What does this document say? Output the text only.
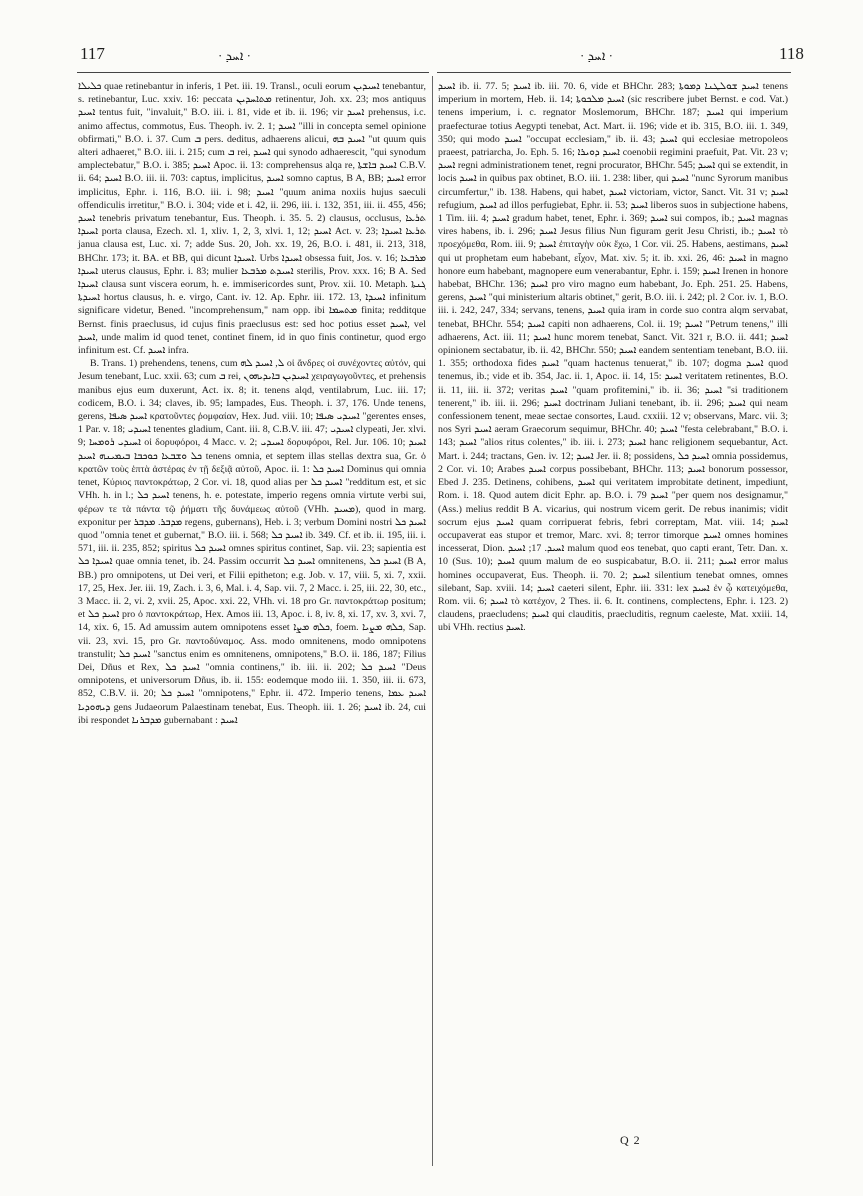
117	· ܐܚܕ ·	· ܐܚܕ ·	118

ܟܠܝܠܐ quae retinebantur in inferis, 1 Pet. iii. 19. Transl., oculi eorum ܐܚܝܕܝܢ tenebantur, s. retinebantur, Luc. xxiv. 16: peccata ܡܬܐܚܕܝܢ retinentur, Joh. xx. 23; mos antiquus ܐܚܝܕ tentus fuit, "invaluit," B.O. iii. i. 81, vide et ib. ii. 196; vir ܐܚܝܕ prehensus, i.c. animo affectus, commotus, Eus. Theoph. iv. 2. 1; ܐܚܝܕ "illi in concepta semel opinione obfirmati," B.O. i. 37. Cum ܒ pers. deditus, adhaerens alicui, ܐܚܝܕ ܒܗ "ut quum quis alteri adhaeret," B.O. iii. i. 215; cum ܒ rei, ܐܚܝܕ qui synodo adhaerescit, "qui synodum amplectebatur," B.O. i. 385; ܐܚܝܕ Apoc. ii. 13: comprehensus alqa re, ܐܚܝܕ ܒܐܫܬܐ C.B.V. ii. 64; ܐܚܝܕ B.O. iii. ii. 703: captus, implicitus, ܐܚܝܕ somno captus, B A, BB; ܐܚܝܕ error implicitus, Ephr. i. 116, B.O. iii. i. 98; ܐܚܝܕ "quum anima noxiis hujus saeculi offendiculis irretitur," B.O. i. 304; vide et i. 42, ii. 296, iii. i. 132, 351, iii. ii. 455, 456; ܐܚܝܕ tenebris privatum tenebantur, Eus. Theoph. i. 35. 5. 2) clausus, occlusus, ܬܪܥܐ ܐܚܝܕܐ porta clausa, Ezech. xl. 1, xliv. 1, 2, 3, xlvi. 1, 12; ܐܚܝܕ Act. v. 23; ܬܪܥܐ ܐܚܝܕܐ janua clausa est, Luc. xi. 7; adde Sus. 20, Joh. xx. 19, 26, B.O. i. 481, ii. 213, 318, BHChr. 173; it. BA. et BB, qui dicunt ܐܚܝܕܐ. Urbs ܐܚܝܕܐ obsessa fuit, Jos. v. 16; ܡܪܒܥܐ ܐܚܝܕܐ uterus clausus, Ephr. i. 83; mulier ܐܚܝܕܬ ܡܪܒܥܐ sterilis, Prov. xxx. 16; B A. Sed ܐܚܝܕܐ clausa sunt viscera eorum, h. e. immisericordes sunt, Prov. xii. 10. Metaph. ܓܢܬܐ ܐܚܝܕܬܐ hortus clausus, h. e. virgo, Cant. iv. 12. Ap. Ephr. iii. 172. 13, ܐܚܝܕܐ infinitum significare videtur, Bened. "incomprehensum," nam opp. ibi ܡܬܚܡܐ finita; redditque Bernst. finis praeclusus, id cujus finis praeclusus est: sed hoc potius esset ܐܚܝܕ, vel ܐܚܝܕ, unde malim id quod tenet, continet finem, id in quo finis continetur, quod ergo infinitum est. Cf. ܐܚܝܕ infra.

B. Trans. 1) prehendens, tenens, cum ܠ, ܐܚܝܕ ܠܗ οἱ ἄνδρες οἱ συνέχοντες αὐτόν, qui Jesum tenebant, Luc. xxii. 63; cum ܒ rei, ܐܚܝܕܝܢ ܒܐܝܕܝܗܘܢ χειραγωγοῦντες, et prehensis manibus ejus eum duxerunt, Act. ix. 8; it. tenens alqd, ventilabrum, Luc. iii. 17; codicem, B.O. i. 34; claves, ib. 95; lampades, Eus. Theoph. i. 37, 176. Unde tenens, gerens, ܐܚܝܕ ܣܝܦܐ κρατοῦντες ῥομφαίαν, Hex. Jud. viii. 10; ܐܚܝܕܝ ܣܝܦܐ "gerentes enses, 1 Par. v. 18; ܐܚܝܕܝ tenentes gladium, Cant. iii. 8, C.B.V. iii. 47; ܐܚܝܕܝ clypeati, Jer. xlvi. 9; ܐܚܝܕܝ ܪܘܡܚܐ οἱ δορυφόροι, 4 Macc. v. 2; ܐܚܝܕܝ δορυφόροι, Rel. Jur. 106. 10; ܐܚܝܕ ܟܠ ܘܫܒܥܐ ܟܘܟܒܐ ܒܝܡܝܢܗ ܐܚܝܕ tenens omnia, et septem illas stellas dextra sua, Gr. ὁ κρατῶν τοὺς ἑπτὰ ἀστέρας ἐν τῇ δεξιᾷ αὐτοῦ, Apoc. ii. 1: ܐܚܝܕ ܟܠ Dominus qui omnia tenet, Κύριος παντοκράτωρ, 2 Cor. vi. 18, quod alias per ܐܚܝܕ ܟܠ "redditum est, et sic VHh. h. in l.; ܐܚܝܕ ܟܠ tenens, h. e. potestate, imperio regens omnia virtute verbi sui, φέρων τε τὰ πάντα τῷ ῥήματι τῆς δυνάμεως αὐτοῦ (VHh. ܡܚܝܕ), quod in marg. exponitur per ܡܕܒܪ. ܡܕܒܪ regens, gubernans), Heb. i. 3; verbum Domini nostri ܐܚܝܕ ܟܠ quod "omnia tenet et gubernat," B.O. iii. i. 568; ܐܚܝܕ ܟܠ ib. 349. Cf. et ib. ii. 195, iii. i. 571, iii. ii. 235, 852; spiritus ܐܚܝܕ ܟܠ omnes spiritus continet, Sap. vii. 23; sapientia est ܐܚܝܕܐ ܟܠ quae omnia tenet, ib. 24. Passim occurrit ܐܚܝܕ ܟܠ omnitenens, ܐܚܝܕ ܟܠ (B A, BB.) pro omnipotens, ut Dei veri, et Filii epitheton; e.g. Job. v. 17, viii. 5, xi. 7, xxii. 17, 25, Hex. Jer. iii. 19, Zach. i. 3, 6, Mal. i. 4, Sap. vii. 7, 2 Macc. i. 25, iii. 22, 30, etc., 3 Macc. ii. 2, vi. 2, xvii. 25, Apoc. xxi. 22, VHh. vi. 18 pro Gr. παντοκράτωρ positum; et ܐܚܝܕ ܟܠ pro ὁ παντοκράτωρ, Hex. Amos iii. 13, Apoc. i. 8, iv. 8, xi. 17, xv. 3, xvi. 7, 14, xix. 6, 15. Ad amussim autem omnipotens esset ܟܠܗ ܡܨܐ, foem. ܟܠܗ ܡܨܝܐ, Sap. vii. 23, xvi. 15, pro Gr. παντοδύναμος. Ass. modo omnitenens, modo omnipotens transtulit; ܐܚܝܕ ܟܠ "sanctus enim es omnitenens, omnipotens," B.O. ii. 186, 187; Filius Dei, Dñus et Rex, ܐܚܝܕ ܟܠ "omnia continens," ib. iii. ii. 202; ܐܚܝܕ ܟܠ "Deus omnipotens, et universorum Dñus, ib. ii. 155: eodemque modo iii. 1. 350, iii. ii. 673, 852, C.B.V. ii. 20; ܐܚܝܕ ܟܠ "omnipotens," Ephr. ii. 472. Imperio tenens, ܐܚܝܕ ܥܡܐ ܕܝܗܘܕܝܐ gens Judaeorum Palaestinam tenebat, Eus. Theoph. iii. 1. 26; ܐܚܝܕ ib. 24, cui ibi respondet ܡܕܒܪܢܐ gubernabant : ܐܚܝܕ

ܐܚܝܕ ib. ii. 77. 5; ܐܚܝܕ ib. iii. 70. 6, vide et BHChr. 283; ܐܚܝܕ ܫܘܠܛܢܐ ܕܡܘܬܐ tenens imperium in mortem, Heb. ii. 14; ܐܚܝܕ ܡܠܟܘܬܐ (sic rescribere jubet Bernst. e cod. Vat.) tenens imperium, i. c. regnator Moslemorum, BHChr. 187; ܐܚܝܕ qui imperium praefecturae totius Aegypti tenebat, Act. Mart. ii. 196; vide et ib. 315, B.O. iii. 1. 349, 350; qui modo ܐܚܝܕ "occupat ecclesiam," ib. ii. 43; ܐܚܝܕ qui ecclesiae metropoleos praeest, patriarcha, Jo. Eph. 5. 16; ܐܚܝܕ ܕܘܝܪܐ coenobii regimini praefuit, Pat. Vit. 23 v; ܐܚܝܕ regni administrationem tenet, regni procurator, BHChr. 545; ܐܚܝܕ qui se extendit, in locis ܐܚܝܕ in quibus pax obtinet, B.O. iii. 1. 238: liber, qui ܐܚܝܕ "nunc Syrorum manibus circumfertur," ib. 138. Habens, qui habet, ܐܚܝܕ victoriam, victor, Sanct. Vit. 31 v; ܐܚܝܕ refugium, ܐܚܝܕ ad illos perfugiebat, Ephr. ii. 53; ܐܚܝܕ liberos suos in subjectione habens, 1 Tim. iii. 4; ܐܚܝܕ gradum habet, tenet, Ephr. i. 369; ܐܚܝܕ sui compos, ib.; ܐܚܝܕ magnas vires habens, ib. i. 296; ܐܚܝܕ Jesus filius Nun figuram gerit Jesu Christi, ib.; ܐܚܝܕ τὸ προεχόμεθα, Rom. iii. 9; ܐܚܝܕ ἐπιταγὴν οὐκ ἔχω, 1 Cor. vii. 25. Habens, aestimans, ܐܚܝܕ qui ut prophetam eum habebant, εἶχον, Mat. xiv. 5; it. ib. xxi. 26, 46: ܐܚܝܕ in magno honore eum habebant, magnopere eum venerabantur, Ephr. i. 159; ܐܚܝܕ Irenen in honore habebat, BHChr. 136; ܐܚܝܕ pro viro magno eum habebant, Jo. Eph. 251. 25. Habens, gerens, ܐܚܝܕ "qui ministerium altaris obtinet," gerit, B.O. iii. i. 242; pl. 2 Cor. iv. 1, B.O. iii. i. 242, 247, 334; servans, tenens, ܐܚܝܕ quia iram in corde suo contra alqm servabat, tenebat, BHChr. 554; ܐܚܝܕ capiti non adhaerens, Col. ii. 19; ܐܚܝܕ "Petrum tenens," illi adhaerens, Act. iii. 11; ܐܚܝܕ hunc morem tenebat, Sanct. Vit. 321 r, B.O. ii. 441; ܐܚܝܕ opinionem sectabatur, ib. ii. 42, BHChr. 550; ܐܚܝܕ eandem sententiam tenebant, B.O. iii. 1. 355; orthodoxa fides ܐܚܝܕ "quam hactenus tenuerat," ib. 107; dogma ܐܚܝܕ quod tenemus, ib.; vide et ib. 354, Jac. ii. 1, Apoc. ii. 14, 15: ܐܚܝܕ veritatem retinentes, B.O. ii. 11, iii. ii. 372; veritas ܐܚܝܕ "quam profitemini," ib. ii. 36; ܐܚܝܕ "si traditionem tenerent," ib. iii. ii. 296; ܐܚܝܕ doctrinam Juliani tenebant, ib. ii. 296; ܐܚܝܕ qui neam confessionem tenent, meae sectae consortes, Laud. cxxiii. 12 v; observans, Marc. vii. 3; nos Syri ܐܚܝܕ aeram Graecorum sequimur, BHChr. 40; ܐܚܝܕ "festa celebrabant," B.O. i. 143; ܐܚܝܕ "alios ritus colentes," ib. iii. i. 273; ܐܚܝܕ hanc religionem sequebantur, Act. Mart. i. 244; tractans, Gen. iv. 12; ܐܚܝܕ Jer. ii. 8; possidens, ܐܚܝܕ ܟܠ omnia possidemus, 2 Cor. vi. 10; Arabes ܐܚܝܕ corpus possibebant, BHChr. 113; ܐܚܝܕ bonorum possessor, Ebed J. 235. Detinens, cohibens, ܐܚܝܕ qui veritatem improbitate detinent, impediunt, Rom. i. 18. Quod autem dicit Ephr. ap. B.O. i. 79 ܐܚܝܕ "per quem nos designamur," (Ass.) melius reddit B A. vicarius, qui nostrum vicem gerit. De rebus inanimis; vidit socrum ejus ܐܚܝܕ quam corripuerat febris, febri correptam, Mat. viii. 14; ܐܚܝܕ occupaverat eas stupor et tremor, Marc. xvi. 8; terror timorque ܐܚܝܕ omnes homines incesserat, Dion. ܐܚܝܕ. 17; ܐܚܝܕ malum quod eos tenebat, quo capti erant, Tetr. Dan. x. 10 (Sus. 10); ܐܚܝܕ quum malum de eo suspicabatur, B.O. ii. 211; ܐܚܝܕ error malus homines occupaverat, Eus. Theoph. ii. 70. 2; ܐܚܝܕ silentium tenebat omnes, omnes silebant, Sap. xviii. 14; ܐܚܝܕ caeteri silent, Ephr. iii. 331: lex ܐܚܝܕ ἐν ᾧ κατειχόμεθα, Rom. vii. 6; ܐܚܝܕ τὸ κατέχον, 2 Thes. ii. 6. It. continens, complectens, Ephr. i. 123. 2) claudens, praecludens; ܐܚܝܕ qui clauditis, praecluditis, regnum caeleste, Mat. xxiii. 14, ubi VHh. rectius ܐܚܝܕ.

Q 2
